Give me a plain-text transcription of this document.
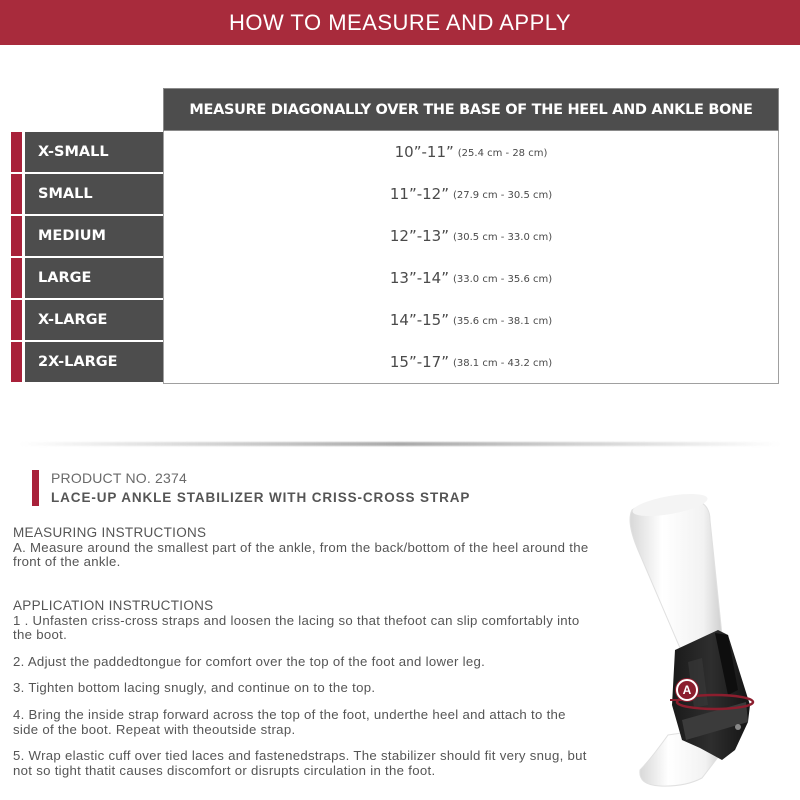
HOW TO MEASURE AND APPLY
MEASURE DIAGONALLY OVER THE BASE OF THE HEEL AND ANKLE BONE
X-SMALL	10”-11” (25.4 cm - 28 cm)
SMALL	11”-12” (27.9 cm - 30.5 cm)
MEDIUM	12”-13” (30.5 cm - 33.0 cm)
LARGE	13”-14” (33.0 cm - 35.6 cm)
X-LARGE	14”-15” (35.6 cm - 38.1 cm)
2X-LARGE	15”-17” (38.1 cm - 43.2 cm)
PRODUCT NO. 2374
LACE-UP ANKLE STABILIZER WITH CRISS-CROSS STRAP
MEASURING INSTRUCTIONS
A. Measure around the smallest part of the ankle, from the back/bottom of the heel around the front of the ankle.
APPLICATION INSTRUCTIONS
1 . Unfasten criss-cross straps and loosen the lacing so that thefoot can slip comfortably into the boot.
2. Adjust the paddedtongue for comfort over the top of the foot and lower leg.
3. Tighten bottom lacing snugly, and continue on to the top.
4. Bring the inside strap forward across the top of the foot, underthe heel and attach to the side of the boot. Repeat with theoutside strap.
5. Wrap elastic cuff over tied laces and fastenedstraps. The stabilizer should fit very snug, but not so tight thatit causes discomfort or disrupts circulation in the foot.
A
